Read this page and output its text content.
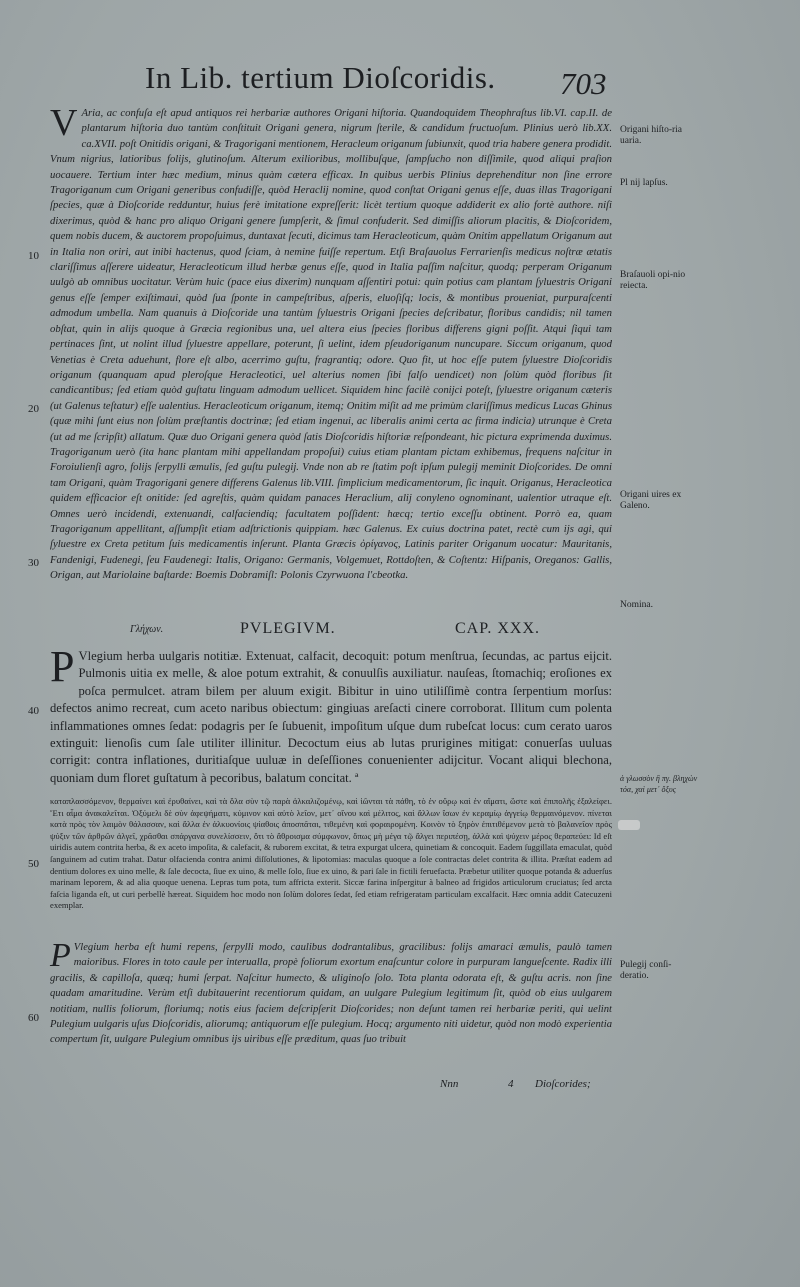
In Lib. tertium Dioſcoridis. 703

V Aria, ac confuſa eſt apud antiquos rei herbariæ authores Origani hiſtoria. Quandoquidem Theophraſtus lib.VI. cap.II. de plantarum hiſtoria duo tantùm conſtituit Origani genera, nigrum ſterile, & candidum fructuoſum. Plinius uerò lib.XX. ca.XVII. poſt Onitidis origani, & Tragorigani mentionem, Heracleum origanum ſubiunxit, quod tria habere genera prodidit. Vnum nigrius, latioribus folijs, glutinoſum. Alterum exilioribus, mollibuſque, ſampſucho non diſſimile, quod aliqui praſion uocauere. Tertium inter hæc medium, minus quàm cætera efficax. In quibus uerbis Plinius deprehenditur non ſine errore Tragoriganum cum Origani generibus confudiſſe, quòd Heraclij nomine, quod conſtat Origani genus eſſe, duas illas Tragorigani ſpecies, quæ à Dioſcoride redduntur, huius ferè imitatione expreſſerit: licèt tertium quoque addiderit ex alio fortè authore. niſi dixerimus, quòd & hanc pro aliquo Origani genere ſumpſerit, & ſimul confuderit. Sed dimiſſis aliorum placitis, & Dioſcoridem, quem nobis ducem, & auctorem propoſuimus, duntaxat ſecuti, dicimus tam Heracleoticum, quàm Onitim appellatum Origanum aut in Italia non oriri, aut inibi hactenus, quod ſciam, à nemine fuiſſe repertum. Etſi Braſauolus Ferrarienſis medicus noſtræ ætatis clariſſimus aſſerere uideatur, Heracleoticum illud herbæ genus eſſe, quod in Italia paſſim naſcitur, quodq; perperam Origanum uulgò ab omnibus uocitatur. Verùm huic (pace eius dixerim) nunquam aſſentiri potui: quin potius cam plantam ſyluestris Origani genus eſſe ſemper exiſtimaui, quòd ſua ſponte in campeſtribus, aſperis, eluoſiſq; locis, & montibus proueniat, purpuraſcenti admodum umbella. Nam quanuis à Dioſcoride una tantùm ſyluestris Origani ſpecies deſcribatur, floribus candidis; nil tamen obſtat, quin in alijs quoque à Græcia regionibus una, uel altera eius ſpecies floribus differens gigni poſſit. Atqui ſiqui tam pertinaces ſint, ut nolint illud ſyluestre appellare, poterunt, ſi uelint, idem pſeudoriganum nuncupare. Siccum origanum, quod Venetias è Creta aduehunt, flore eſt albo, acerrimo guſtu, fragrantiq; odore. Quo fit, ut hoc eſſe putem ſyluestre Dioſcoridis origanum (quanquam apud pleroſque Heracleotici, uel alterius nomen ſibi falſo uendicet) non ſolùm quòd floribus ſit candicantibus; ſed etiam quòd guſtatu linguam admodum uellicet. Siquidem hinc facilè conijci poteſt, ſyluestre origanum cæteris (ut Galenus teſtatur) eſſe ualentius. Heracleoticum origanum, itemq; Onitim miſit ad me primùm clariſſimus medicus Lucas Ghinus (quæ mihi ſunt eius non ſolùm præſtantis doctrinæ; ſed etiam ingenui, ac liberalis animi certa ac firma indicia) utrunque è Creta (ut ad me ſcripſit) allatum. Quæ duo Origani genera quòd ſatis Dioſcoridis hiſtoriæ reſpondeant, hic pictura exprimenda duximus. Tragoriganum uerò (ita hanc plantam mihi appellandam propoſui) cuius etiam plantam pictam exhibemus, frequens naſcitur in Foroiulienſi agro, folijs ſerpylli æmulis, ſed guſtu pulegij. Vnde non ab re ſtatim poſt ipſum pulegij meminit Dioſcorides. De omni tam Origani, quàm Tragorigani genere differens Galenus lib.VIII. ſimplicium medicamentorum, ſic inquit. Origanus, Heracleotica quidem efficacior eſt onitide: ſed agreſtis, quàm quidam panaces Heraclium, alij conyleno ognominant, ualentior utraque eſt. Omnes uerò incidendi, extenuandi, calfaciendiq; facultatem poſſident: hæcq; tertio exceſſu obtinent. Porrò ea, quam Tragoriganum appellitant, aſſumpſit etiam adſtrictionis quippiam. hæc Galenus. Ex cuius doctrina patet, rectè cum ijs agi, qui ſyluestre ex Creta petitum ſuis medicamentis inſerunt. Planta Græcis ὀρίγανος, Latinis pariter Origanum uocatur: Mauritanis, Fandenigi, Fudenegi, ſeu Faudenegi: Italis, Origano: Germanis, Volgemuet, Rottdoſten, & Coſtentz: Hiſpanis, Oreganos: Gallis, Origan, aut Mariolaine baſtarde: Boemis Dobramiſl: Polonis Czyrwuona l'cbeotka.

Origani hiſto-ria uaria.
Pl nij lapſus.
Braſauoli opi-nio reiecta.
Origani uires ex Galeno.
Nomina.
ἀ γλωσσὸν ἢ πγ. βληχὼν τόα, χαὶ μετ᾽ ὄξυς
Pulegij conſi-deratio.
10
20
30
40
50
60
Γλήχων.	PVLEGIVM.	CAP. XXX.

P Vlegium herba uulgaris notitiæ. Extenuat, calfacit, decoquit: potum menſtrua, ſecundas, ac partus eijcit. Pulmonis uitia ex melle, & aloe potum extrahit, & conuulſis auxiliatur. nauſeas, ſtomachiq; eroſiones ex poſca permulcet. atram bilem per aluum exigit. Bibitur in uino utiliſſimè contra ſerpentium morſus: defectos animo recreat, cum aceto naribus obiectum: gingiuas areſacti cinere corroborat. Illitum cum polenta inflammationes omnes ſedat: podagris per ſe ſubuenit, impoſitum uſque dum rubeſcat locus: cum cerato uaros extinguit: lienoſis cum ſale utiliter illinitur. Decoctum eius ab lutas prurigines mitigat: conuerſas uuluas corrigit: contra inflationes, duritiaſque uuluæ in deſeſſiones conuenienter adijcitur. Vocant aliqui blechona, quoniam dum floret guſtatum à pecoribus, balatum concitat. ª

καταπλασσόμενον, θερμαίνει καὶ ἐρυθαίνει, καὶ τὰ ὅλα σὺν τῷ παρὰ ἀλκαλιζομένῳ, καὶ ἰῶνται τὰ πάθη, τὸ ἐν οὔρῳ καὶ ἐν αἵματι, ὥστε καὶ ἐπιπολῆς ἐξαλείφει. Ἔτι αἷμα ἀνακαλεῖται. Ὀξύμελι δὲ σὺν ἀφεψήματι, κύμινον καὶ αὐτὸ λεῖον, μετ᾽ οἴνου καὶ μέλιτος, καὶ ἄλλων ἴσων ἐν κεραμίῳ ἀγγείῳ θερμαινόμενον. πίνεται κατὰ πρὸς τὸν λαιμὸν θάλασσαν, καὶ ἄλλα ἐν ἀλκυονίοις ψίαθοις ἀποσπᾶται, τιθεμένη καὶ φοραιρομένη. Κοινὸν τὸ ξηρὸν ἐπιτιθέμενον μετὰ τὸ βαλανεῖον πρὸς ψύξιν τῶν ἀρθρῶν ἀλγεῖ, χρᾶσθαι σπάργανα συνελίσσειν, ὅτι τὸ ἄθροισμα σύμφωνον, ὅπως μὴ μέγα τῷ ἄλγει περιπέσῃ, ἀλλὰ καὶ ψύχειν μέρος θεραπεύει: Id eſt uiridis autem contrita herba, & ex aceto impoſita, & calefacit, & ruborem excitat, & tetra expurgat ulcera, quinetiam & concoquit. Eadem ſuggillata emaculat, quòd ſanguinem ad cutim trahat. Datur olfacienda contra animi diſſolutiones, & lipotomias: maculas quoque a ſole contractas delet contrita & illita. Præſtat eadem ad dentium dolores ex uino melle, & ſale decocta, ſiue ex uino, & melle ſolo, ſiue ex uino, & pari ſale in fictili feruefacta. Præbetur utiliter quoque potanda & aduerſus marinam leporem, & ad alia quoque uenena. Lepras tum pota, tum affricta exterit. Siccæ farina inſpergitur à balneo ad frigidos articulorum cruciatus; ſed arcta faſcia liganda eſt, ut curi perbellè hæreat. Siquidem hoc modo non ſolùm dolores ſedat, ſed etiam refrigeratam particulam excalfacit. Hæc omnia addit Catecuzeni exemplar.

P Vlegium herba eſt humi repens, ſerpylli modo, caulibus dodrantalibus, gracilibus: folijs amaraci æmulis, paulò tamen maioribus. Flores in toto caule per interualla, propè foliorum exortum enaſcuntur colore in purpuram langueſcente. Radix illi gracilis, & capilloſa, quæq; humi ſerpat. Naſcitur humecto, & uliginoſo ſolo. Tota planta odorata eſt, & guſtu acris. non ſine quadam amaritudine. Verùm etſi dubitauerint recentiorum quidam, an uulgare Pulegium legitimum ſit, quòd ob eius uulgarem notitiam, nullis foliorum, floriumq; notis eius faciem deſcripſerit Dioſcorides; non deſunt tamen rei herbariæ periti, qui uelint Pulegium uulgaris uſus Dioſcoridis, aliorumq; antiquorum eſſe pulegium. Hocq; argumento niti uidetur, quòd non modò experientia compertum ſit, uulgare Pulegium omnibus ijs uiribus eſſe præditum, quas ſuo tribuit

Nnn	4 Dioſcorides;
